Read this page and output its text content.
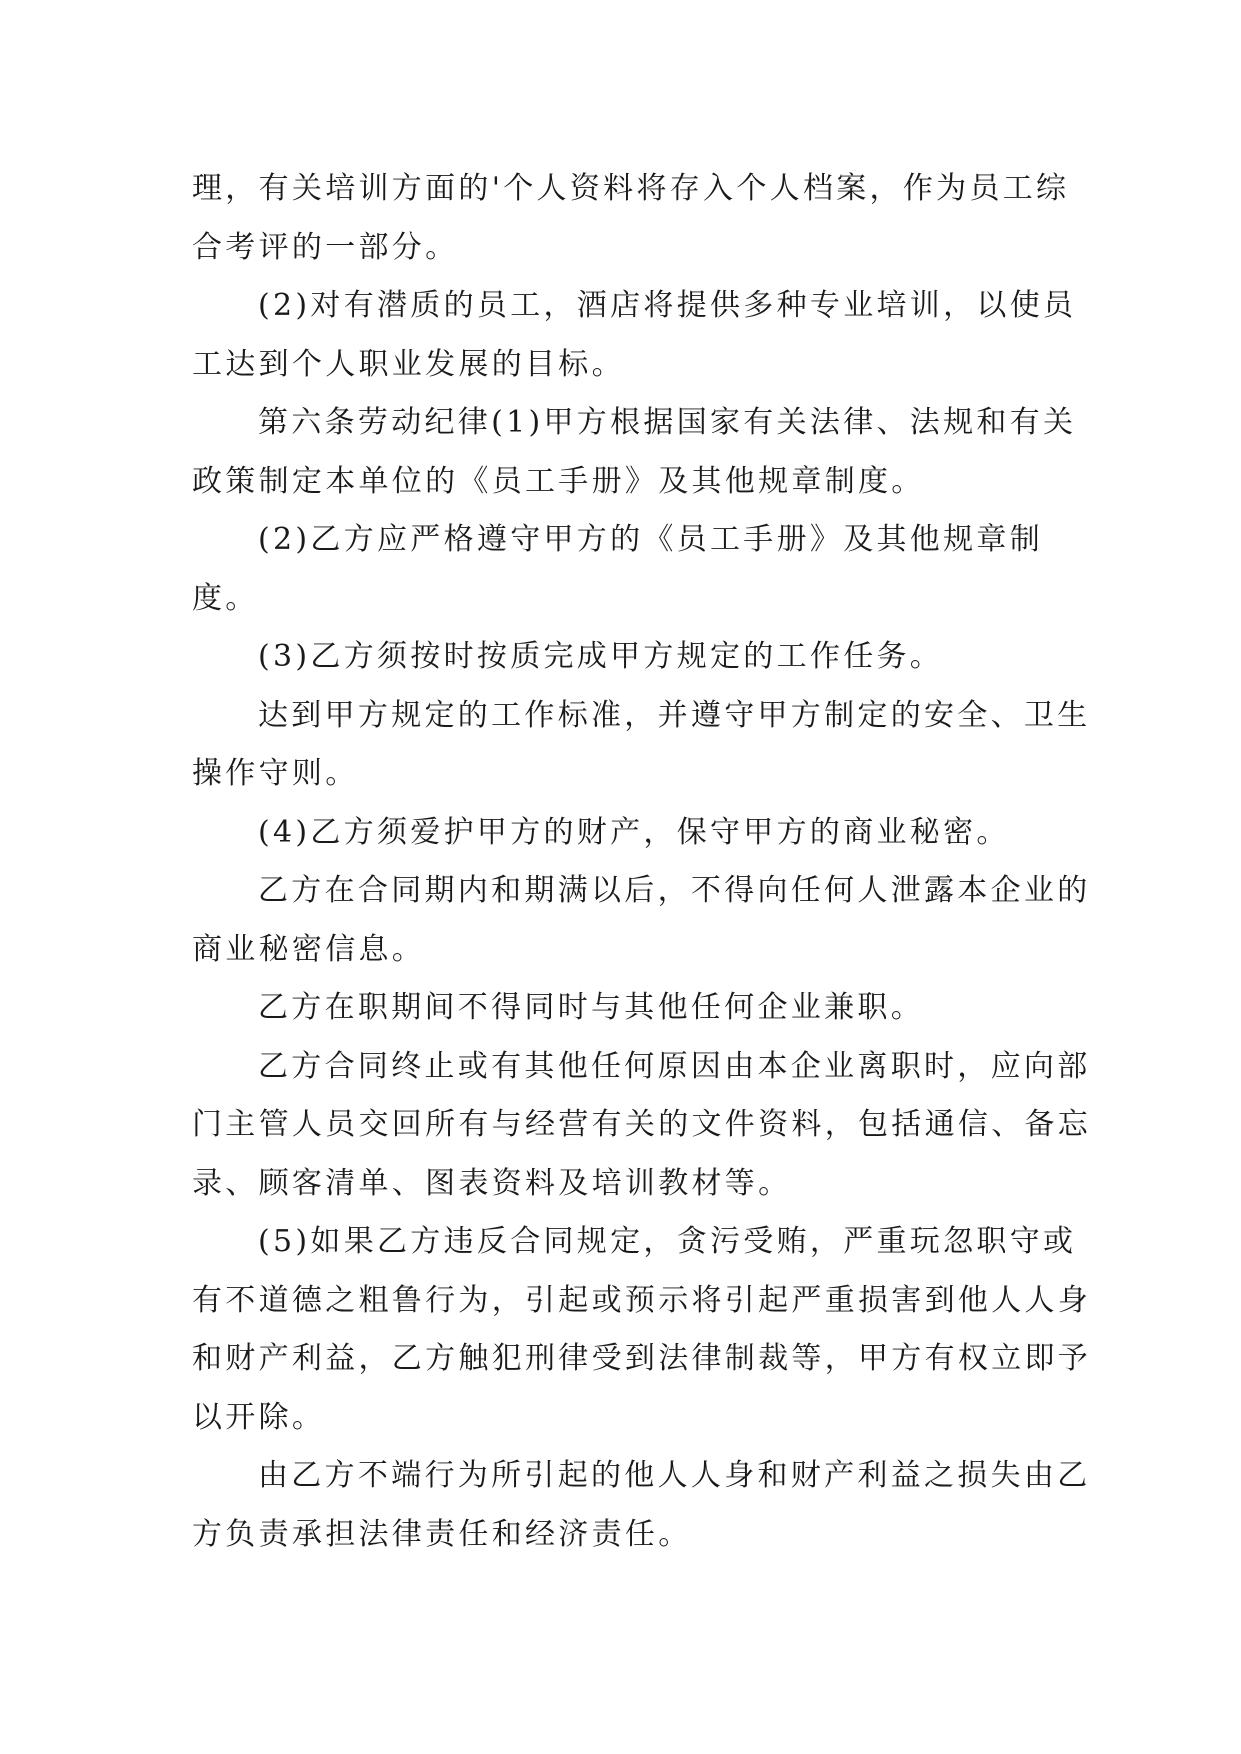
理，有关培训方面的'个人资料将存入个人档案，作为员工综合考评的一部分。

(2)对有潜质的员工，酒店将提供多种专业培训，以使员工达到个人职业发展的目标。

第六条劳动纪律(1)甲方根据国家有关法律、法规和有关政策制定本单位的《员工手册》及其他规章制度。

(2)乙方应严格遵守甲方的《员工手册》及其他规章制度。

(3)乙方须按时按质完成甲方规定的工作任务。

达到甲方规定的工作标准，并遵守甲方制定的安全、卫生操作守则。

(4)乙方须爱护甲方的财产，保守甲方的商业秘密。

乙方在合同期内和期满以后，不得向任何人泄露本企业的商业秘密信息。

乙方在职期间不得同时与其他任何企业兼职。

乙方合同终止或有其他任何原因由本企业离职时，应向部门主管人员交回所有与经营有关的文件资料，包括通信、备忘录、顾客清单、图表资料及培训教材等。

(5)如果乙方违反合同规定，贪污受贿，严重玩忽职守或有不道德之粗鲁行为，引起或预示将引起严重损害到他人人身和财产利益，乙方触犯刑律受到法律制裁等，甲方有权立即予以开除。

由乙方不端行为所引起的他人人身和财产利益之损失由乙方负责承担法律责任和经济责任。
